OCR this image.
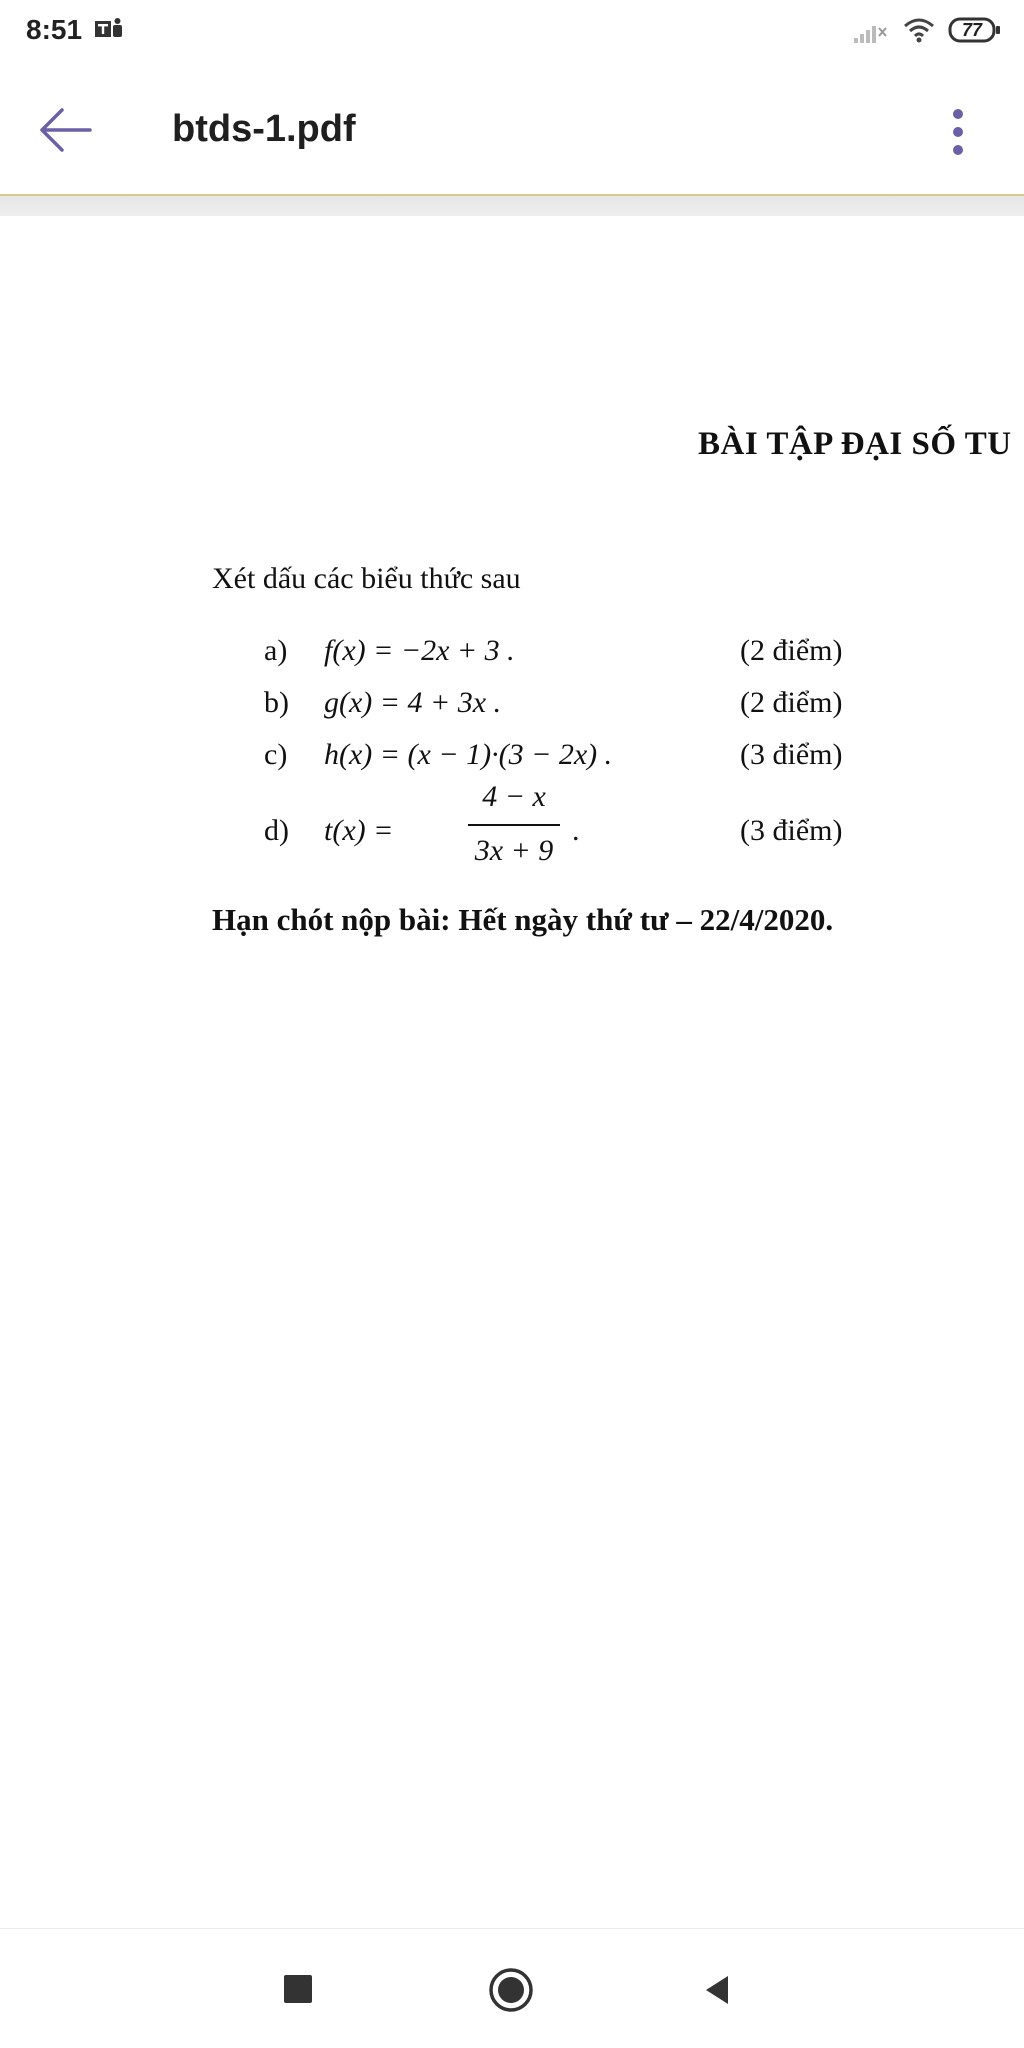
8:51	77
btds-1.pdf
BÀI TẬP ĐẠI SỐ TU
Xét dấu các biểu thức sau
a) f(x) = −2x + 3 .	(2 điểm)
b) g(x) = 4 + 3x .	(2 điểm)
c) h(x) = (x − 1)·(3 − 2x) .	(3 điểm)
d) t(x) =
4 − x
3x + 9
.	(3 điểm)
Hạn chót nộp bài: Hết ngày thứ tư – 22/4/2020.
